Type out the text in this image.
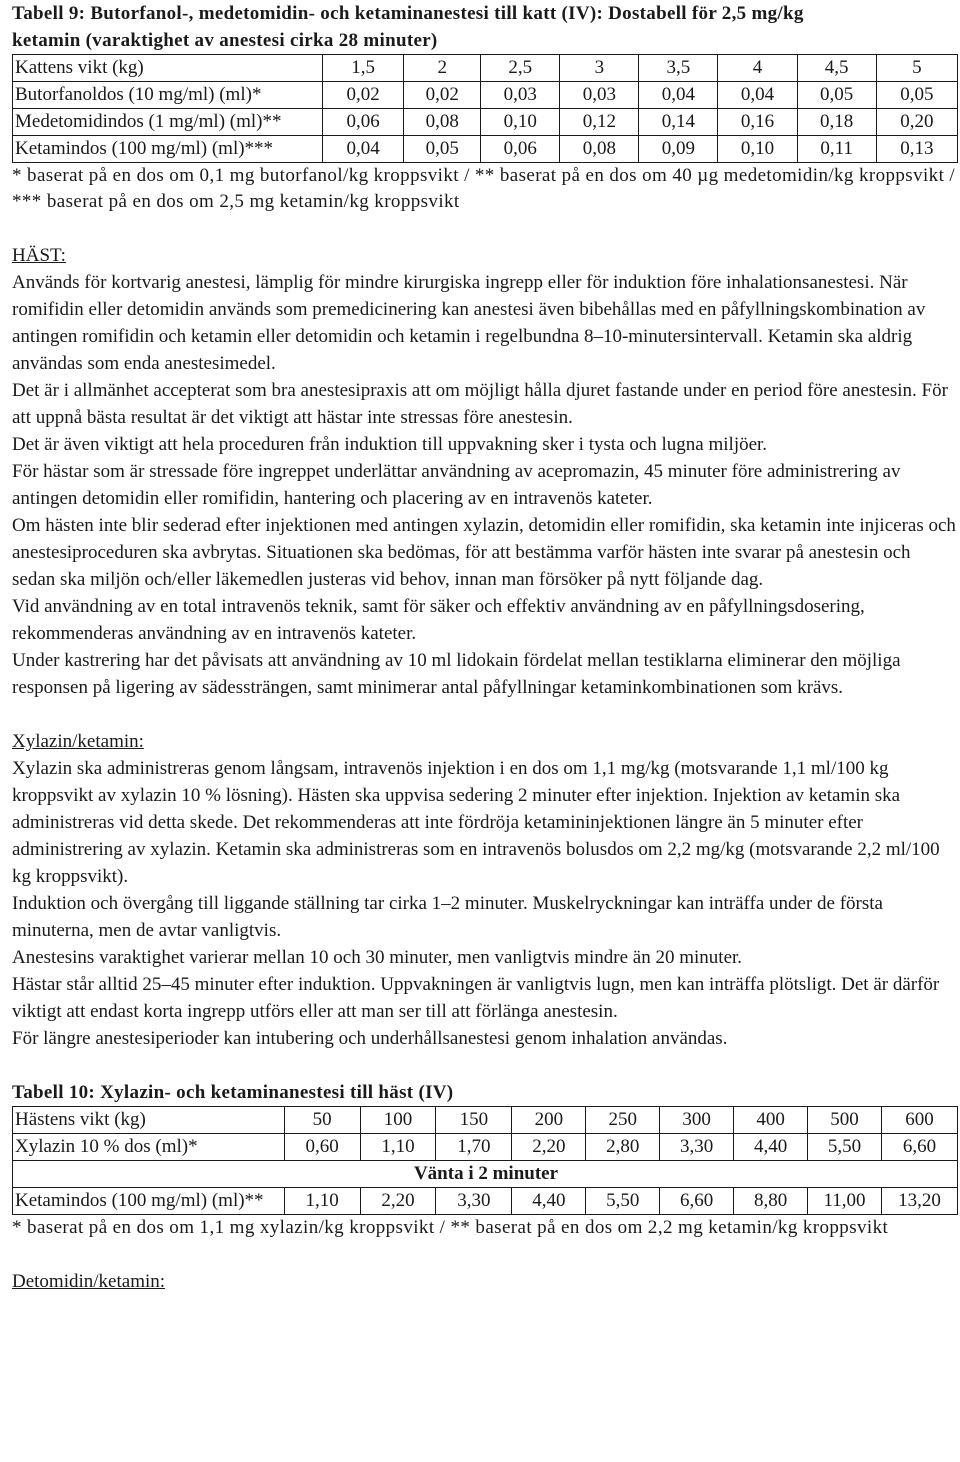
Tabell 9: Butorfanol-, medetomidin- och ketaminanestesi till katt (IV): Dostabell för 2,5 mg/kg
ketamin (varaktighet av anestesi cirka 28 minuter)
Kattens vikt (kg)	1,5	2	2,5	3	3,5	4	4,5	5
Butorfanoldos (10 mg/ml) (ml)*	0,02	0,02	0,03	0,03	0,04	0,04	0,05	0,05
Medetomidindos (1 mg/ml) (ml)**	0,06	0,08	0,10	0,12	0,14	0,16	0,18	0,20
Ketamindos (100 mg/ml) (ml)***	0,04	0,05	0,06	0,08	0,09	0,10	0,11	0,13
* baserat på en dos om 0,1 mg butorfanol/kg kroppsvikt / ** baserat på en dos om 40 µg medetomidin/kg kroppsvikt / *** baserat på en dos om 2,5 mg ketamin/kg kroppsvikt
HÄST:

Används för kortvarig anestesi, lämplig för mindre kirurgiska ingrepp eller för induktion före inhalationsanestesi. När romifidin eller detomidin används som premedicinering kan anestesi även bibehållas med en påfyllningskombination av antingen romifidin och ketamin eller detomidin och ketamin i regelbundna 8–10-minutersintervall. Ketamin ska aldrig användas som enda anestesimedel.

Det är i allmänhet accepterat som bra anestesipraxis att om möjligt hålla djuret fastande under en period före anestesin. För att uppnå bästa resultat är det viktigt att hästar inte stressas före anestesin.

Det är även viktigt att hela proceduren från induktion till uppvakning sker i tysta och lugna miljöer.

För hästar som är stressade före ingreppet underlättar användning av acepromazin, 45 minuter före administrering av antingen detomidin eller romifidin, hantering och placering av en intravenös kateter.

Om hästen inte blir sederad efter injektionen med antingen xylazin, detomidin eller romifidin, ska ketamin inte injiceras och anestesiproceduren ska avbrytas. Situationen ska bedömas, för att bestämma varför hästen inte svarar på anestesin och sedan ska miljön och/eller läkemedlen justeras vid behov, innan man försöker på nytt följande dag.

Vid användning av en total intravenös teknik, samt för säker och effektiv användning av en påfyllningsdosering, rekommenderas användning av en intravenös kateter.

Under kastrering har det påvisats att användning av 10 ml lidokain fördelat mellan testiklarna eliminerar den möjliga responsen på ligering av sädessträngen, samt minimerar antal påfyllningar ketaminkombinationen som krävs.

Xylazin/ketamin:

Xylazin ska administreras genom långsam, intravenös injektion i en dos om 1,1 mg/kg (motsvarande 1,1 ml/100 kg kroppsvikt av xylazin 10 % lösning). Hästen ska uppvisa sedering 2 minuter efter injektion. Injektion av ketamin ska administreras vid detta skede. Det rekommenderas att inte fördröja ketamininjektionen längre än 5 minuter efter administrering av xylazin. Ketamin ska administreras som en intravenös bolusdos om 2,2 mg/kg (motsvarande 2,2 ml/100 kg kroppsvikt).

Induktion och övergång till liggande ställning tar cirka 1–2 minuter. Muskelryckningar kan inträffa under de första minuterna, men de avtar vanligtvis.

Anestesins varaktighet varierar mellan 10 och 30 minuter, men vanligtvis mindre än 20 minuter.

Hästar står alltid 25–45 minuter efter induktion. Uppvakningen är vanligtvis lugn, men kan inträffa plötsligt. Det är därför viktigt att endast korta ingrepp utförs eller att man ser till att förlänga anestesin.

För längre anestesiperioder kan intubering och underhållsanestesi genom inhalation användas.

Tabell 10: Xylazin- och ketaminanestesi till häst (IV)
Hästens vikt (kg)	50	100	150	200	250	300	400	500	600
Xylazin 10 % dos (ml)*	0,60	1,10	1,70	2,20	2,80	3,30	4,40	5,50	6,60
Vänta i 2 minuter									
Ketamindos (100 mg/ml) (ml)**	1,10	2,20	3,30	4,40	5,50	6,60	8,80	11,00	13,20
* baserat på en dos om 1,1 mg xylazin/kg kroppsvikt / ** baserat på en dos om 2,2 mg ketamin/kg kroppsvikt
Detomidin/ketamin:
